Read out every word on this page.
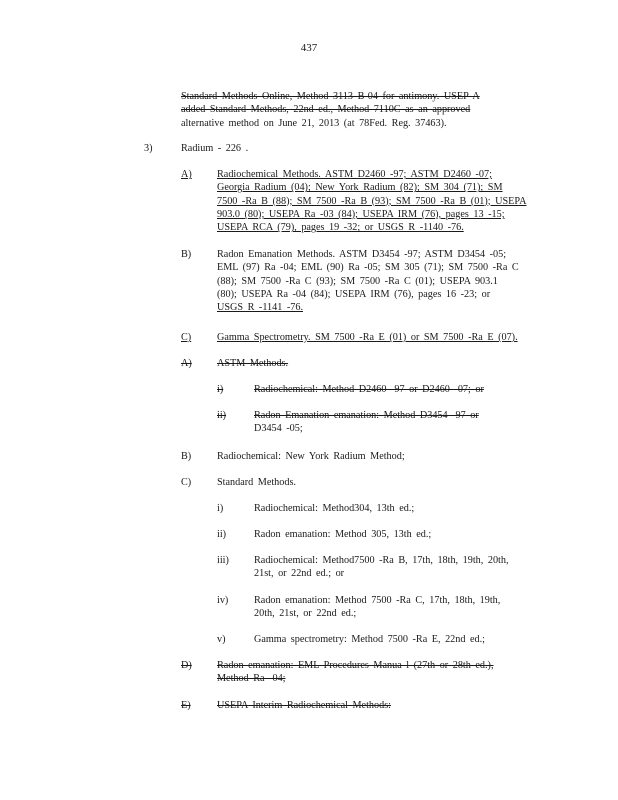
437
Standard Methods Online, Method 3113 B-04 for antimony. USEP A
added Standard Methods, 22nd ed., Method 7110C as an approved
alternative method on June 21, 2013 (at 78Fed. Reg. 37463).
3)	Radium - 226 .
A) Radiochemical Methods. ASTM D2460 -97; ASTM D2460 -07;
Georgia Radium (04); New York Radium (82); SM 304 (71); SM
7500 -Ra B (88); SM 7500 -Ra B (93); SM 7500 -Ra B (01); USEPA
903.0 (80); USEPA Ra -03 (84); USEPA IRM (76), pages 13 -15;
USEPA RCA (79), pages 19 -32; or USGS R -1140 -76.
B)	Radon Emanation Methods. ASTM D3454 -97; ASTM D3454 -05;
EML (97) Ra -04; EML (90) Ra -05; SM 305 (71); SM 7500 -Ra C
(88); SM 7500 -Ra C (93); SM 7500 -Ra C (01); USEPA 903.1
(80); USEPA Ra -04 (84); USEPA IRM (76), pages 16 -23; or
USGS R -1141 -76.
C)	Gamma Spectrometry. SM 7500 -Ra E (01) or SM 7500 -Ra E (07).
A) ASTM Methods.
i)	Radiochemical: Method D2460 -97 or D2460 -07; or
ii)	Radon Emanation emanation: Method D3454 -97 or
D3454 -05;
B)	Radiochemical: New York Radium Method;
C)	Standard Methods.
i)	Radiochemical: Method304, 13th ed.;
ii)	Radon emanation: Method 305, 13th ed.;
iii) Radiochemical: Method7500 -Ra B, 17th, 18th, 19th, 20th,
21st, or 22nd ed.; or
iv)	Radon emanation: Method 7500 -Ra C, 17th, 18th, 19th,
20th, 21st, or 22nd ed.;
v)	Gamma spectrometry: Method 7500 -Ra E, 22nd ed.;
D) Radon emanation: EML Procedures Manua l (27th or 28th ed.),
Method Ra -04;
E)	USEPA Interim Radiochemical Methods:
